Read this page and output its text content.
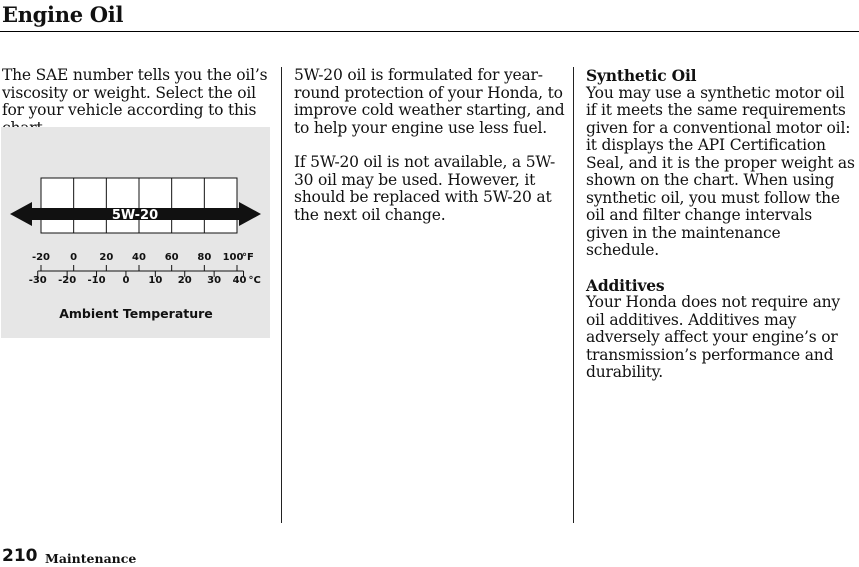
Engine Oil

The SAE number tells you the oil’s viscosity or weight. Select the oil for your vehicle according to this

5W-20
-20 0 20 40 60 80 100
°F
-30 -20 -10 0 10 20 30 40 °C
Ambient Temperature

5W-20 oil is formulated for year-round protection of your Honda, to improve cold weather starting, and to help your engine use less fuel.

If 5W-20 oil is not available, a 5W-30 oil may be used. However, it should be replaced with 5W-20 at the next oil change.

Synthetic Oil
You may use a synthetic motor oil if it meets the same requirements given for a conventional motor oil: it displays the API Certification Seal, and it is the proper weight as shown on the chart. When using synthetic oil, you must follow the oil and filter change intervals given in the maintenance schedule.

Additives
Your Honda does not require any oil additives. Additives may adversely affect your engine’s or transmission’s performance and durability.

210 Maintenance
